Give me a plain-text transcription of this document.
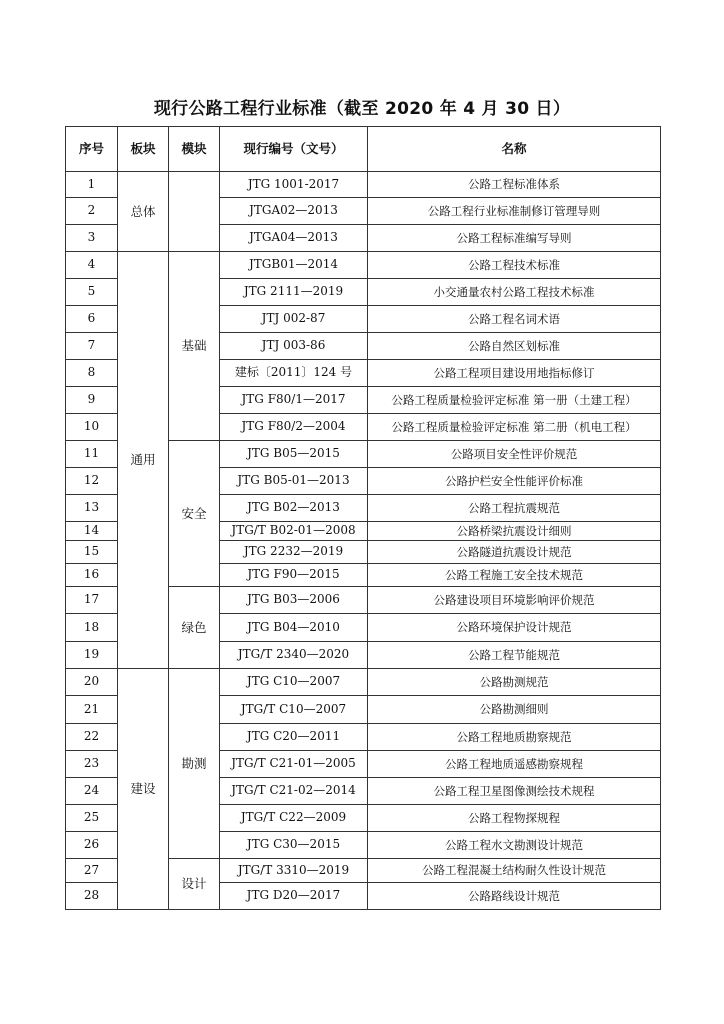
现行公路工程行业标准（截至 2020 年 4 月 30 日）
序号	板块	模块	现行编号（文号）	名称
1	总体		JTG 1001-2017	公路工程标准体系
2			JTGA02—2013	公路工程行业标准制修订管理导则
3			JTGA04—2013	公路工程标准编写导则
4	通用	基础	JTGB01—2014	公路工程技术标准
5			JTG 2111—2019	小交通量农村公路工程技术标准
6			JTJ 002-87	公路工程名词术语
7			JTJ 003-86	公路自然区划标准
8			建标〔2011〕124 号	公路工程项目建设用地指标修订
9			JTG F80/1—2017	公路工程质量检验评定标准 第一册（土建工程）
10			JTG F80/2—2004	公路工程质量检验评定标准 第二册（机电工程）
11		安全	JTG B05—2015	公路项目安全性评价规范
12			JTG B05-01—2013	公路护栏安全性能评价标准
13			JTG B02—2013	公路工程抗震规范
14			JTG/T B02-01—2008	公路桥梁抗震设计细则
15			JTG 2232—2019	公路隧道抗震设计规范
16			JTG F90—2015	公路工程施工安全技术规范
17		绿色	JTG B03—2006	公路建设项目环境影响评价规范
18			JTG B04—2010	公路环境保护设计规范
19			JTG/T 2340—2020	公路工程节能规范
20	建设	勘测	JTG C10—2007	公路勘测规范
21			JTG/T C10—2007	公路勘测细则
22			JTG C20—2011	公路工程地质勘察规范
23			JTG/T C21-01—2005	公路工程地质遥感勘察规程
24			JTG/T C21-02—2014	公路工程卫星图像测绘技术规程
25			JTG/T C22—2009	公路工程物探规程
26			JTG C30—2015	公路工程水文勘测设计规范
27		设计	JTG/T 3310—2019	公路工程混凝土结构耐久性设计规范
28			JTG D20—2017	公路路线设计规范
